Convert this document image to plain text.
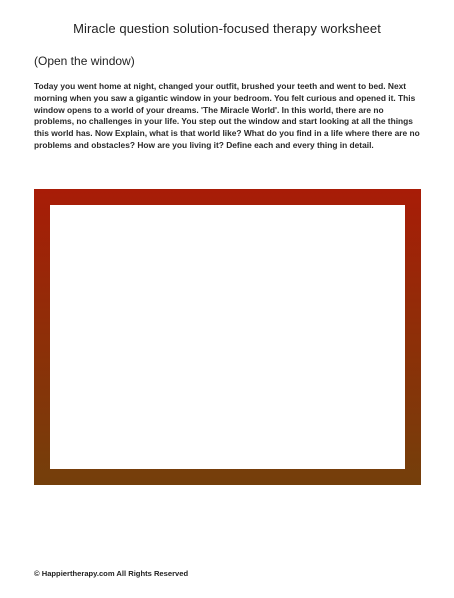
Miracle question solution-focused therapy worksheet
(Open the window)

Today you went home at night, changed your outfit, brushed your teeth and went to bed. Next morning when you saw a gigantic window in your bedroom. You felt curious and opened it. This window opens to a world of your dreams. 'The Miracle World'. In this world, there are no problems, no challenges in your life. You step out the window and start looking at all the things this world has. Now Explain, what is that world like? What do you find in a life where there are no problems and obstacles? How are you living it? Define each and every thing in detail.

© Happiertherapy.com All Rights Reserved
